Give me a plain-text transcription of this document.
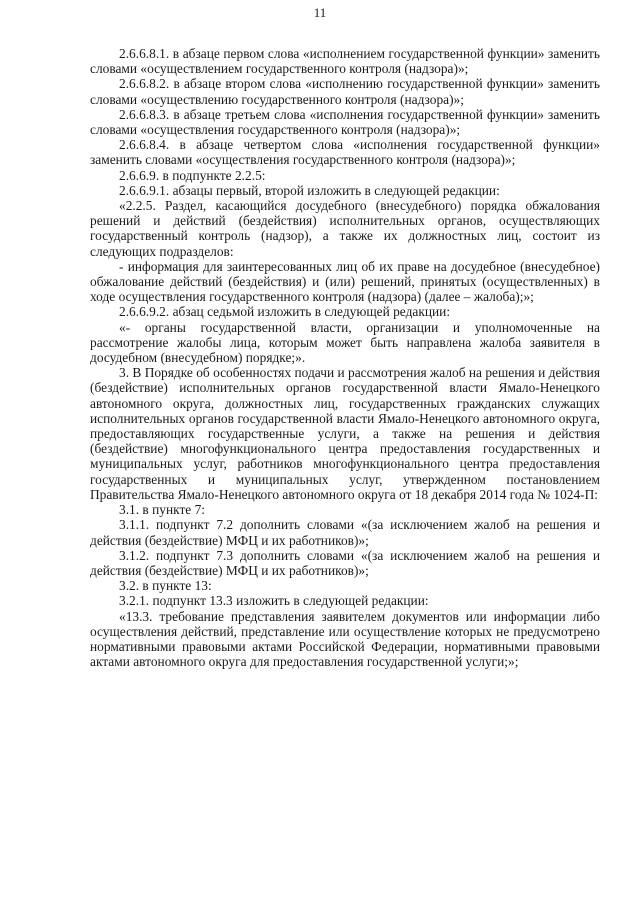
11

2.6.6.8.1. в абзаце первом слова «исполнением государственной функции» заменить словами «осуществлением государственного контроля (надзора)»;

2.6.6.8.2. в абзаце втором слова «исполнению государственной функции» заменить словами «осуществлению государственного контроля (надзора)»;

2.6.6.8.3. в абзаце третьем слова «исполнения государственной функции» заменить словами «осуществления государственного контроля (надзора)»;

2.6.6.8.4. в абзаце четвертом слова «исполнения государственной функции» заменить словами «осуществления государственного контроля (надзора)»;

2.6.6.9. в подпункте 2.2.5:

2.6.6.9.1. абзацы первый, второй изложить в следующей редакции:

«2.2.5. Раздел, касающийся досудебного (внесудебного) порядка обжалования решений и действий (бездействия) исполнительных органов, осуществляющих государственный контроль (надзор), а также их должностных лиц, состоит из следующих подразделов:

- информация для заинтересованных лиц об их праве на досудебное (внесудебное) обжалование действий (бездействия) и (или) решений, принятых (осуществленных) в ходе осуществления государственного контроля (надзора) (далее – жалоба);»;

2.6.6.9.2. абзац седьмой изложить в следующей редакции:

«- органы государственной власти, организации и уполномоченные на рассмотрение жалобы лица, которым может быть направлена жалоба заявителя в досудебном (внесудебном) порядке;».

3. В Порядке об особенностях подачи и рассмотрения жалоб на решения и действия (бездействие) исполнительных органов государственной власти Ямало-Ненецкого автономного округа, должностных лиц, государственных гражданских служащих исполнительных органов государственной власти Ямало-Ненецкого автономного округа, предоставляющих государственные услуги, а также на решения и действия (бездействие) многофункционального центра предоставления государственных и муниципальных услуг, работников многофункционального центра предоставления государственных и муниципальных услуг, утвержденном постановлением Правительства Ямало-Ненецкого автономного округа от 18 декабря 2014 года № 1024-П:

3.1. в пункте 7:

3.1.1. подпункт 7.2 дополнить словами «(за исключением жалоб на решения и действия (бездействие) МФЦ и их работников)»;

3.1.2. подпункт 7.3 дополнить словами «(за исключением жалоб на решения и действия (бездействие) МФЦ и их работников)»;

3.2. в пункте 13:

3.2.1. подпункт 13.3 изложить в следующей редакции:

«13.3. требование представления заявителем документов или информации либо осуществления действий, представление или осуществление которых не предусмотрено нормативными правовыми актами Российской Федерации, нормативными правовыми актами автономного округа для предоставления государственной услуги;»;
